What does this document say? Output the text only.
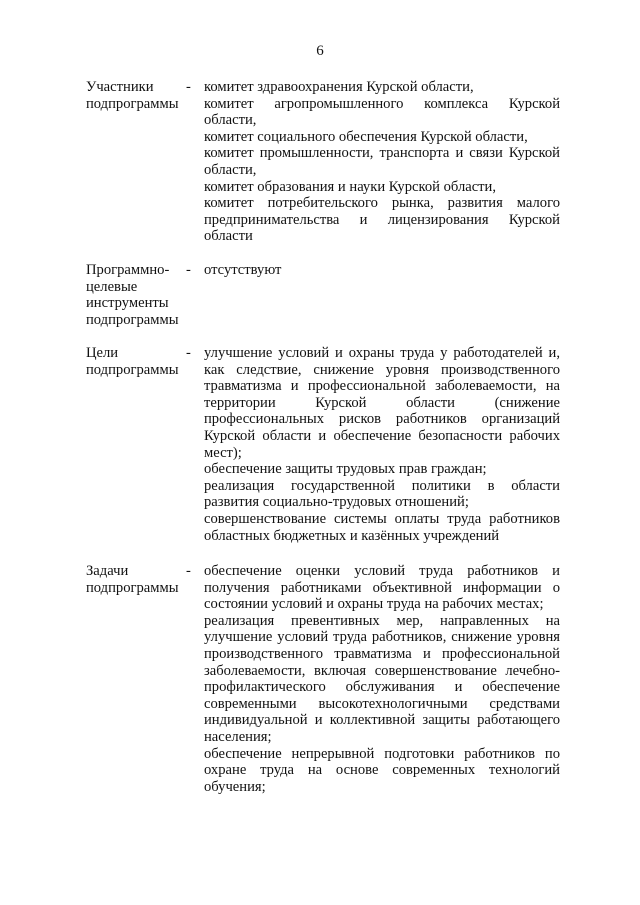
6
Участники
подпрограммы
- комитет здравоохранения Курской области,
комитет агропромышленного комплекса Курской области,
комитет социального обеспечения Курской области,
комитет промышленности, транспорта и связи Курской области,
комитет образования и науки Курской области,
комитет потребительского рынка, развития малого предпринимательства и лицензирования Курской области
Программно-
целевые
инструменты
подпрограммы
- отсутствуют
Цели
подпрограммы
- улучшение условий и охраны труда у работодателей и, как следствие, снижение уровня производственного травматизма и профессиональной заболеваемости, на территории Курской области (снижение профессиональных рисков работников организаций Курской области и обеспечение безопасности рабочих мест);
обеспечение защиты трудовых прав граждан;
реализация государственной политики в области развития социально-трудовых отношений;
совершенствование системы оплаты труда работников областных бюджетных и казённых учреждений
Задачи
подпрограммы
- обеспечение оценки условий труда работников и получения работниками объективной информации о состоянии условий и охраны труда на рабочих местах;
реализация превентивных мер, направленных на улучшение условий труда работников, снижение уровня производственного травматизма и профессиональной заболеваемости, включая совершенствование лечебно-профилактического обслуживания и обеспечение современными высокотехнологичными средствами индивидуальной и коллективной защиты работающего населения;
обеспечение непрерывной подготовки работников по охране труда на основе современных технологий обучения;
